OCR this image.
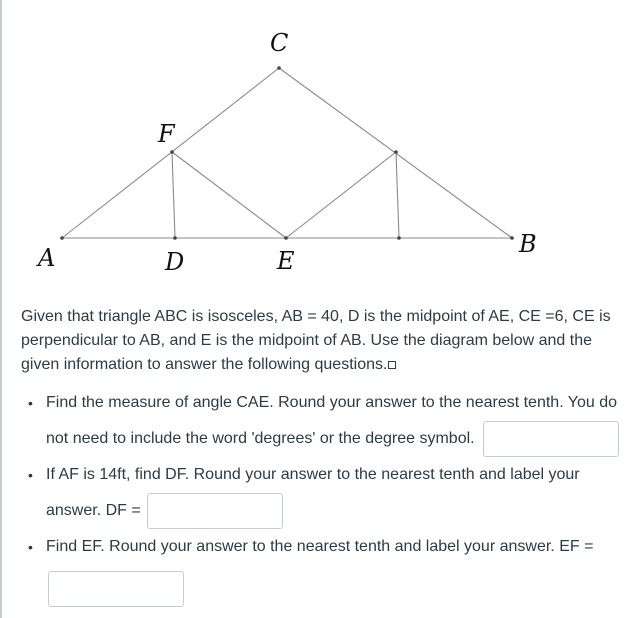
C
F
A	D	E
B
Given that triangle ABC is isosceles, AB = 40, D is the midpoint of AE, CE =6, CE is perpendicular to AB, and E is the midpoint of AB. Use the diagram below and the given information to answer the following questions.
• Find the measure of angle CAE. Round your answer to the nearest tenth. You do not need to include the word 'degrees' or the degree symbol.
• If AF is 14ft, find DF. Round your answer to the nearest tenth and label your answer. DF =
• Find EF. Round your answer to the nearest tenth and label your answer. EF =
